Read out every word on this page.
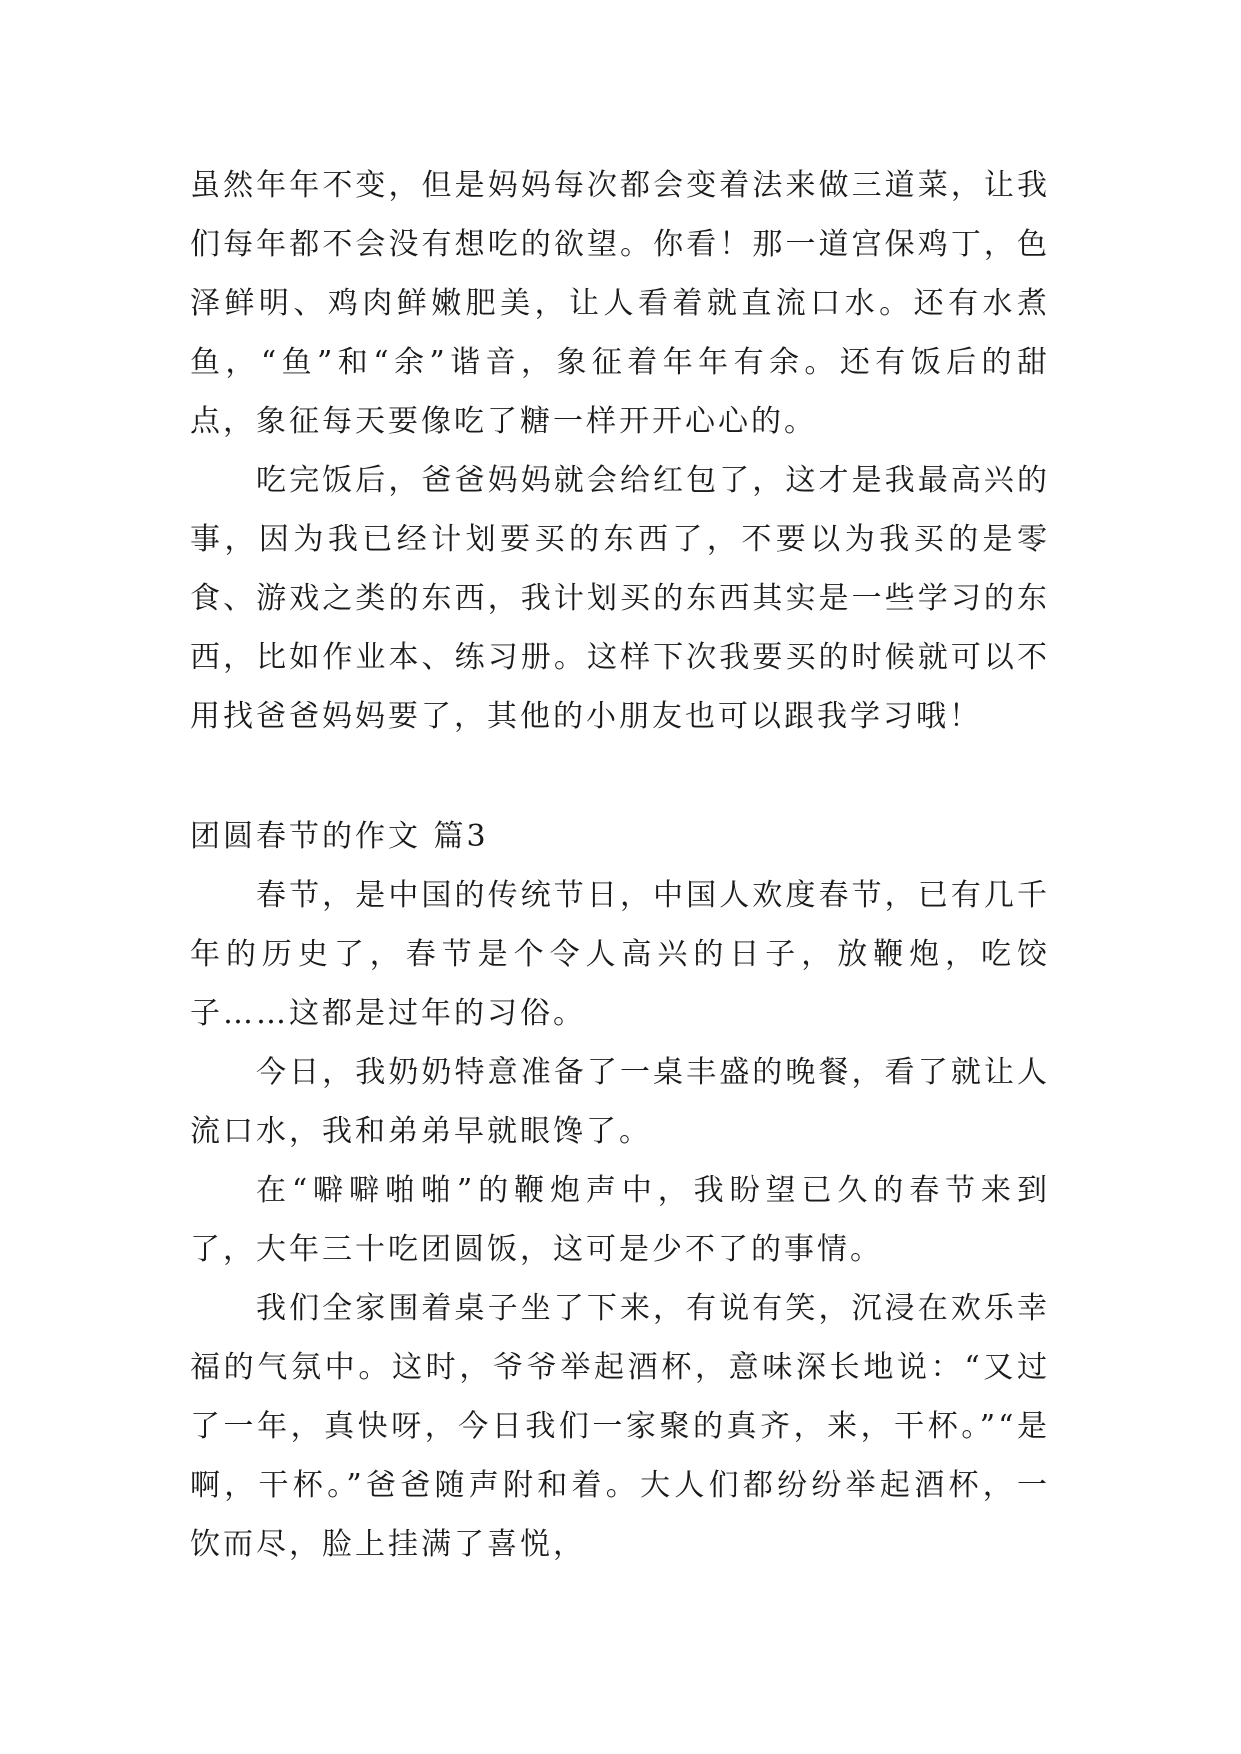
虽然年年不变，但是妈妈每次都会变着法来做三道菜，让我们每年都不会没有想吃的欲望。你看！那一道宫保鸡丁，色泽鲜明、鸡肉鲜嫩肥美，让人看着就直流口水。还有水煮鱼，“鱼”和“余”谐音，象征着年年有余。还有饭后的甜点，象征每天要像吃了糖一样开开心心的。

吃完饭后，爸爸妈妈就会给红包了，这才是我最高兴的事，因为我已经计划要买的东西了，不要以为我买的是零食、游戏之类的东西，我计划买的东西其实是一些学习的东西，比如作业本、练习册。这样下次我要买的时候就可以不用找爸爸妈妈要了，其他的小朋友也可以跟我学习哦！

团圆春节的作文 篇3

春节，是中国的传统节日，中国人欢度春节，已有几千年的历史了，春节是个令人高兴的日子，放鞭炮，吃饺子……这都是过年的习俗。

今日，我奶奶特意准备了一桌丰盛的晚餐，看了就让人流口水，我和弟弟早就眼馋了。

在“噼噼啪啪”的鞭炮声中，我盼望已久的春节来到了，大年三十吃团圆饭，这可是少不了的事情。

我们全家围着桌子坐了下来，有说有笑，沉浸在欢乐幸福的气氛中。这时，爷爷举起酒杯，意味深长地说：“又过了一年，真快呀，今日我们一家聚的真齐，来，干杯。”“是啊，干杯。”爸爸随声附和着。大人们都纷纷举起酒杯，一饮而尽，脸上挂满了喜悦，
